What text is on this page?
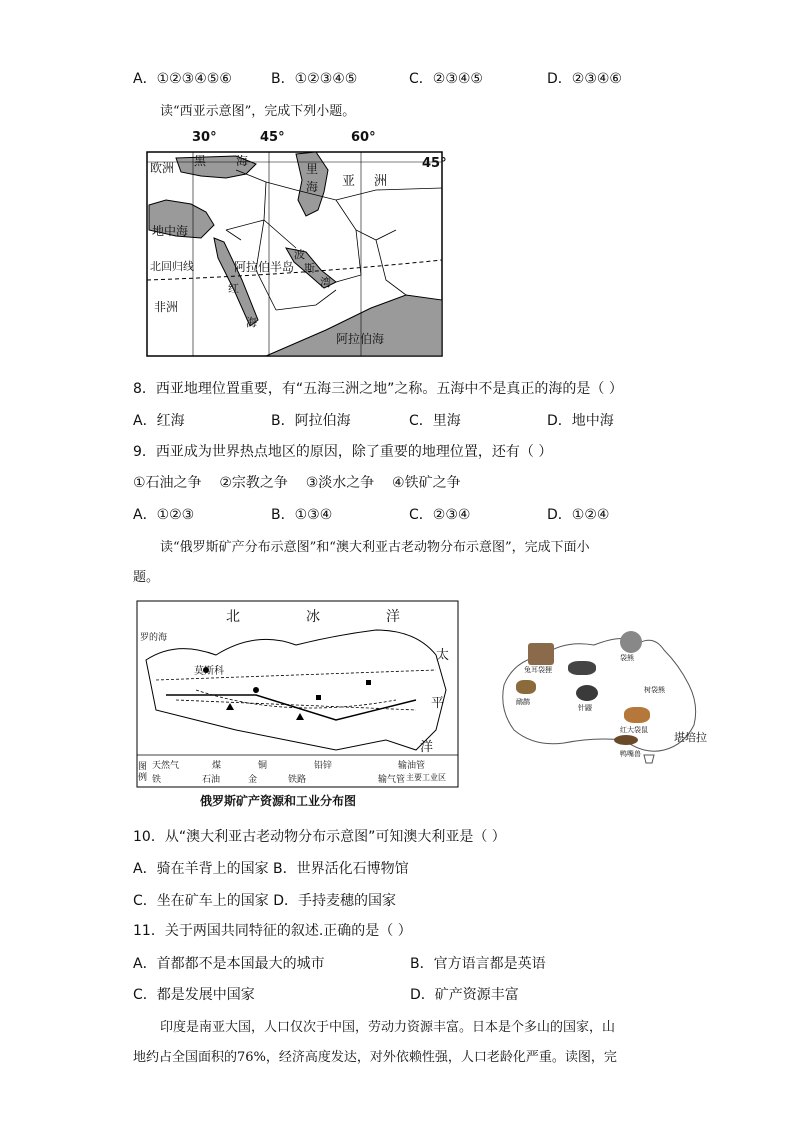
A．①②③④⑤⑥	B．①②③④⑤	C．②③④⑤	D．②③④⑥
读“西亚示意图”，完成下列小题。
30°	45°	60°
45°
欧洲 黑 海
里
海 亚 洲
地中海
北回归线	阿拉伯半岛
波
斯
湾
红
海
非洲
阿拉伯海
8．西亚地理位置重要，有“五海三洲之地”之称。五海中不是真正的海的是（ ）
A．红海	B．阿拉伯海	C．里海	D．地中海
9．西亚成为世界热点地区的原因，除了重要的地理位置，还有（ ）
①石油之争    ②宗教之争    ③淡水之争    ④铁矿之争
A．①②③	B．①③④	C．②③④	D．①②④
读“俄罗斯矿产分布示意图”和“澳大利亚古老动物分布示意图”，完成下面小
题。
北	冰	洋
太
平
洋
莫斯科
罗的海
图例
天然气	煤	铜	铅锌	输油管
铁	石油	金	铁路	输气管 主要工业区
俄罗斯矿产资源和工业分布图
兔耳袋狸
袋熊
鸸鹋
针鼹
树袋熊
红大袋鼠
鸭嘴兽
堪培拉
10．从“澳大利亚古老动物分布示意图”可知澳大利亚是（ ）
A．骑在羊背上的国家 B．世界活化石博物馆
C．坐在矿车上的国家 D．手持麦穗的国家
11．关于两国共同特征的叙述.正确的是（ ）
A．首都都不是本国最大的城市	B．官方语言都是英语
C．都是发展中国家	D．矿产资源丰富
印度是南亚大国，人口仅次于中国，劳动力资源丰富。日本是个多山的国家，山
地约占全国面积的76%，经济高度发达，对外依赖性强，人口老龄化严重。读图，完
